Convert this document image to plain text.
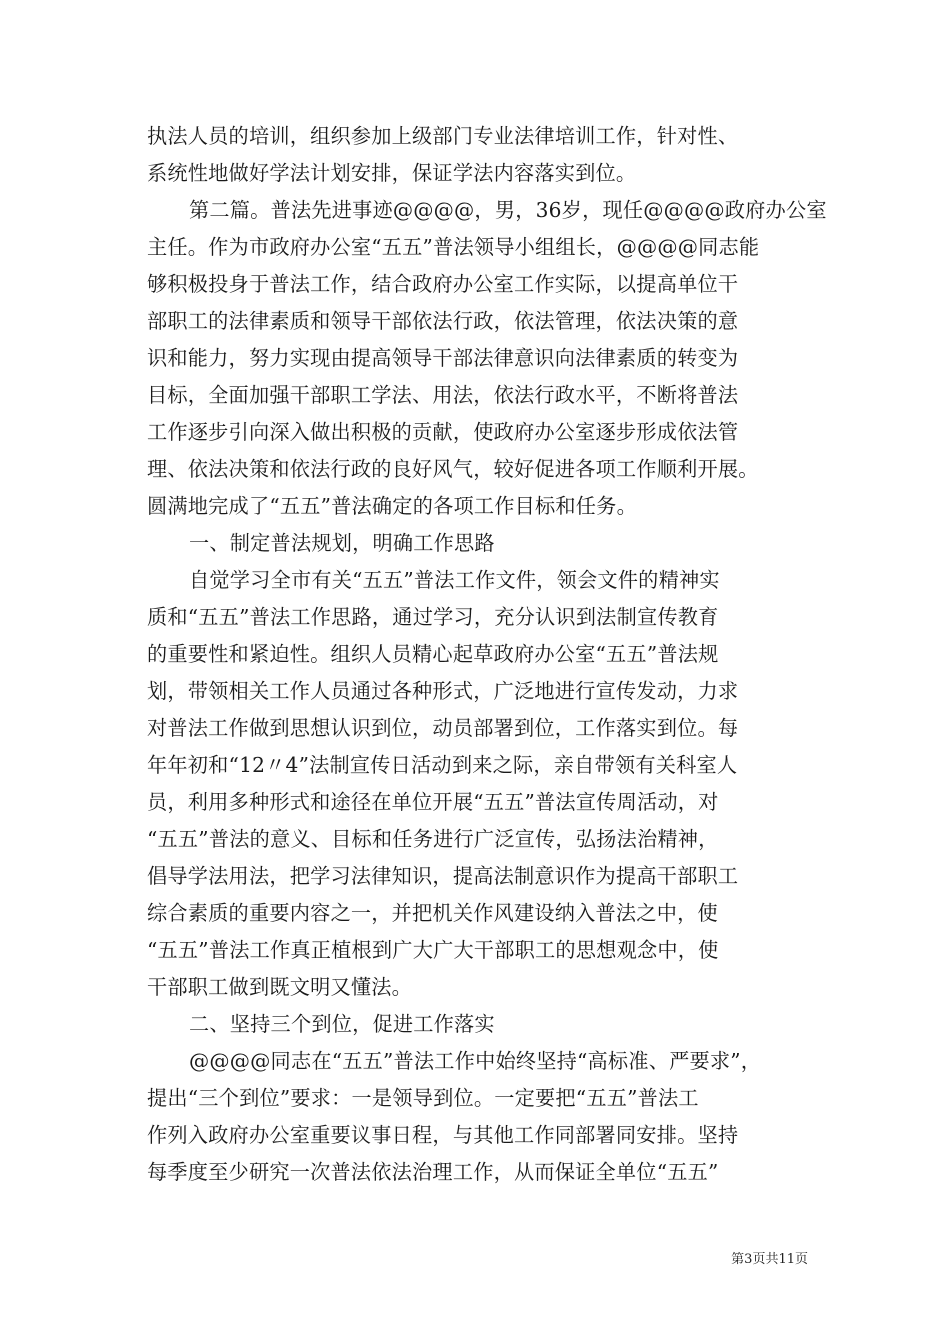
执法人员的培训，组织参加上级部门专业法律培训工作，针对性、
系统性地做好学法计划安排，保证学法内容落实到位。
第二篇。普法先进事迹@@@@，男，36岁，现任@@@@政府办公室
主任。作为市政府办公室“五五”普法领导小组组长，@@@@同志能
够积极投身于普法工作，结合政府办公室工作实际，以提高单位干
部职工的法律素质和领导干部依法行政，依法管理，依法决策的意
识和能力，努力实现由提高领导干部法律意识向法律素质的转变为
目标，全面加强干部职工学法、用法，依法行政水平，不断将普法
工作逐步引向深入做出积极的贡献，使政府办公室逐步形成依法管
理、依法决策和依法行政的良好风气，较好促进各项工作顺利开展。
圆满地完成了“五五”普法确定的各项工作目标和任务。
一、制定普法规划，明确工作思路
自觉学习全市有关“五五”普法工作文件，领会文件的精神实
质和“五五”普法工作思路，通过学习，充分认识到法制宣传教育
的重要性和紧迫性。组织人员精心起草政府办公室“五五”普法规
划，带领相关工作人员通过各种形式，广泛地进行宣传发动，力求
对普法工作做到思想认识到位，动员部署到位，工作落实到位。每
年年初和“12〃4”法制宣传日活动到来之际，亲自带领有关科室人
员，利用多种形式和途径在单位开展“五五”普法宣传周活动，对
“五五”普法的意义、目标和任务进行广泛宣传，弘扬法治精神，
倡导学法用法，把学习法律知识，提高法制意识作为提高干部职工
综合素质的重要内容之一，并把机关作风建设纳入普法之中，使
“五五”普法工作真正植根到广大广大干部职工的思想观念中，使
干部职工做到既文明又懂法。
二、坚持三个到位，促进工作落实
@@@@同志在“五五”普法工作中始终坚持“高标准、严要求”，
提出“三个到位”要求：一是领导到位。一定要把“五五”普法工
作列入政府办公室重要议事日程，与其他工作同部署同安排。坚持
每季度至少研究一次普法依法治理工作，从而保证全单位“五五”
第3页共11页
